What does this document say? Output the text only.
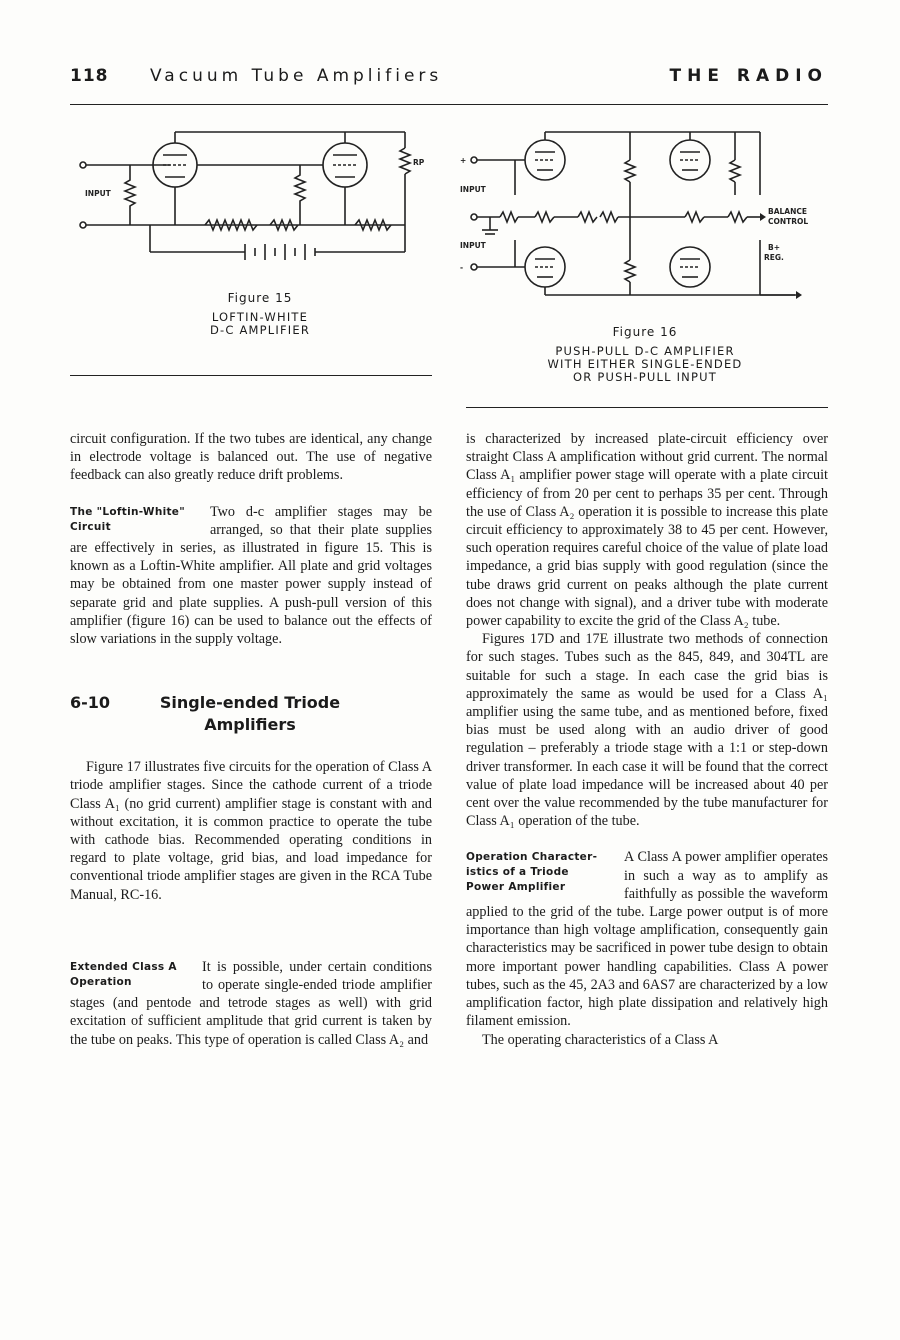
118 Vacuum Tube Amplifiers	THE RADIO
INPUT
RP
Figure 15
LOFTIN-WHITE
D-C AMPLIFIER
+
INPUT
INPUT
-
BALANCE
CONTROL
B+
REG.
Figure 16
PUSH-PULL D-C AMPLIFIER
WITH EITHER SINGLE-ENDED
OR PUSH-PULL INPUT

circuit configuration. If the two tubes are identical, any change in electrode voltage is balanced out. The use of negative feedback can also greatly reduce drift problems.

The "Loftin-White"
Circuit

Two d-c amplifier stages may be arranged, so that their plate supplies are effectively in series, as illustrated in figure 15. This is known as a Loftin-White amplifier. All plate and grid voltages may be obtained from one master power supply instead of separate grid and plate supplies. A push-pull version of this amplifier (figure 16) can be used to balance out the effects of slow variations in the supply voltage.

6-10	Single-ended Triode
Amplifiers

Figure 17 illustrates five circuits for the operation of Class A triode amplifier stages. Since the cathode current of a triode Class A₁ (no grid current) amplifier stage is constant with and without excitation, it is common practice to operate the tube with cathode bias. Recommended operating conditions in regard to plate voltage, grid bias, and load impedance for conventional triode amplifier stages are given in the RCA Tube Manual, RC-16.

Extended Class A
Operation

It is possible, under certain conditions to operate single-ended triode amplifier stages (and pentode and tetrode stages as well) with grid excitation of sufficient amplitude that grid current is taken by the tube on peaks. This type of operation is called Class A₂ and

is characterized by increased plate-circuit efficiency over straight Class A amplification without grid current. The normal Class A₁ amplifier power stage will operate with a plate circuit efficiency of from 20 per cent to perhaps 35 per cent. Through the use of Class A₂ operation it is possible to increase this plate circuit efficiency to approximately 38 to 45 per cent. However, such operation requires careful choice of the value of plate load impedance, a grid bias supply with good regulation (since the tube draws grid current on peaks although the plate current does not change with signal), and a driver tube with moderate power capability to excite the grid of the Class A₂ tube.

Figures 17D and 17E illustrate two methods of connection for such stages. Tubes such as the 845, 849, and 304TL are suitable for such a stage. In each case the grid bias is approximately the same as would be used for a Class A₁ amplifier using the same tube, and as mentioned before, fixed bias must be used along with an audio driver of good regulation – preferably a triode stage with a 1:1 or step-down driver transformer. In each case it will be found that the correct value of plate load impedance will be increased about 40 per cent over the value recommended by the tube manufacturer for Class A₁ operation of the tube.

Operation Character-
istics of a Triode
Power Amplifier

A Class A power amplifier operates in such a way as to amplify as faithfully as possible the waveform applied to the grid of the tube. Large power output is of more importance than high voltage amplification, consequently gain characteristics may be sacrificed in power tube design to obtain more important power handling capabilities. Class A power tubes, such as the 45, 2A3 and 6AS7 are characterized by a low amplification factor, high plate dissipation and relatively high filament emission.

The operating characteristics of a Class A
